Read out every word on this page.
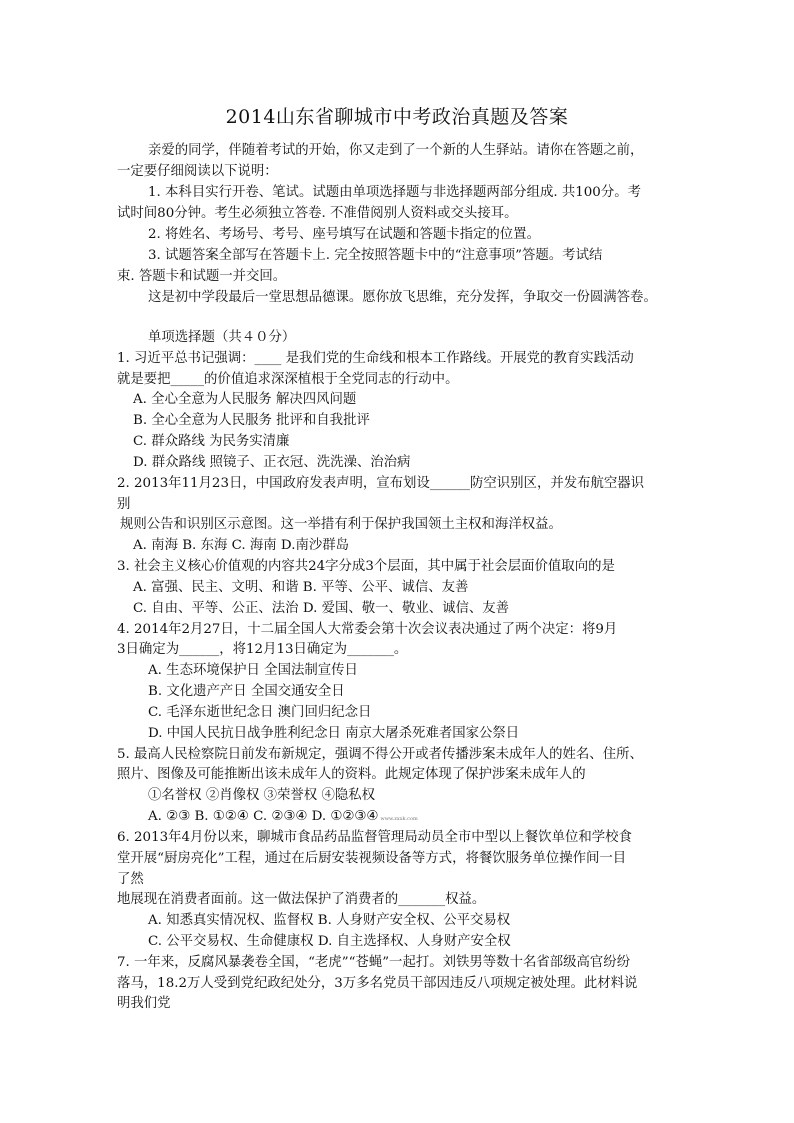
2014山东省聊城市中考政治真题及答案
亲爱的同学，伴随着考试的开始，你又走到了一个新的人生驿站。请你在答题之前，
一定要仔细阅读以下说明：
1. 本科目实行开卷、笔试。试题由单项选择题与非选择题两部分组成. 共100分。考
试时间80分钟。考生必须独立答卷. 不准借阅别人资料或交头接耳。
2. 将姓名、考场号、考号、座号填写在试题和答题卡指定的位置。
3. 试题答案全部写在答题卡上. 完全按照答题卡中的“注意事项”答题。考试结
束. 答题卡和试题一并交回。
这是初中学段最后一堂思想品德课。愿你放飞思维，充分发挥，争取交一份圆满答卷。
单项选择题（共４０分）
1. 习近平总书记强调：____ 是我们党的生命线和根本工作路线。开展党的教育实践活动
就是要把_____的价值追求深深植根于全党同志的行动中。
A. 全心全意为人民服务 解决四风问题
B. 全心全意为人民服务 批评和自我批评
C. 群众路线 为民务实清廉
D. 群众路线 照镜子、正衣冠、洗洗澡、治治病
2. 2013年11月23日，中国政府发表声明，宣布划设______防空识别区，并发布航空器识
别
规则公告和识别区示意图。这一举措有利于保护我国领土主权和海洋权益。
A. 南海 B. 东海 C. 海南 D.南沙群岛
3. 社会主义核心价值观的内容共24字分成3个层面，其中属于社会层面价值取向的是
A. 富强、民主、文明、和谐 B. 平等、公平、诚信、友善
C. 自由、平等、公正、法治 D. 爱国、敬一、敬业、诚信、友善
4. 2014年2月27日，十二届全国人大常委会第十次会议表决通过了两个决定：将9月
3日确定为______，将12月13日确定为_______。
A. 生态环境保护日 全国法制宣传日
B. 文化遗产产日 全国交通安全日
C. 毛泽东逝世纪念日 澳门回归纪念日
D. 中国人民抗日战争胜利纪念日 南京大屠杀死难者国家公祭日
5. 最高人民检察院日前发布新规定，强调不得公开或者传播涉案未成年人的姓名、住所、
照片、图像及可能推断出该未成年人的资料。此规定体现了保护涉案未成年人的
①名誉权 ②肖像权 ③荣誉权 ④隐私权
A. ②③ B. ①②④ C. ②③④ D. ①②③④ www.zxxk.com
6. 2013年4月份以来，聊城市食品药品监督管理局动员全市中型以上餐饮单位和学校食
堂开展“厨房亮化”工程，通过在后厨安装视频设备等方式，将餐饮服务单位操作间一目
了然
地展现在消费者面前。这一做法保护了消费者的_______权益。
A. 知悉真实情况权、监督权 B. 人身财产安全权、公平交易权
C. 公平交易权、生命健康权 D. 自主选择权、人身财产安全权
7. 一年来，反腐风暴袭卷全国，“老虎”“苍蝇”一起打。刘铁男等数十名省部级高官纷纷
落马，18.2万人受到党纪政纪处分，3万多名党员干部因违反八项规定被处理。此材料说
明我们党
